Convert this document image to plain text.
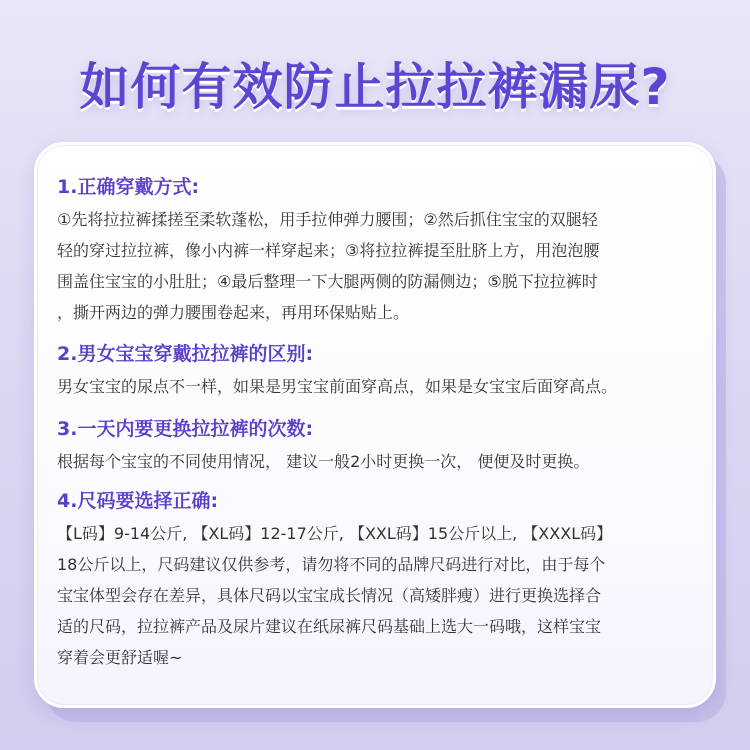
如何有效防止拉拉裤漏尿?
1.正确穿戴方式:
①先将拉拉裤揉搓至柔软蓬松，用手拉伸弹力腰围；②然后抓住宝宝的双腿轻
轻的穿过拉拉裤，像小内裤一样穿起来；③将拉拉裤提至肚脐上方，用泡泡腰
围盖住宝宝的小肚肚；④最后整理一下大腿两侧的防漏侧边；⑤脱下拉拉裤时
，撕开两边的弹力腰围卷起来，再用环保贴贴上。
2.男女宝宝穿戴拉拉裤的区别:
男女宝宝的尿点不一样，如果是男宝宝前面穿高点，如果是女宝宝后面穿高点。
3.一天内要更换拉拉裤的次数:
根据每个宝宝的不同使用情况， 建议一般2小时更换一次， 便便及时更换。
4.尺码要选择正确:
【L码】9-14公斤, 【XL码】12-17公斤, 【XXL码】15公斤以上, 【XXXL码】
18公斤以上，尺码建议仅供参考，请勿将不同的品牌尺码进行对比，由于每个
宝宝体型会存在差异，具体尺码以宝宝成长情况（高矮胖瘦）进行更换选择合
适的尺码，拉拉裤产品及尿片建议在纸尿裤尺码基础上选大一码哦，这样宝宝
穿着会更舒适喔~
